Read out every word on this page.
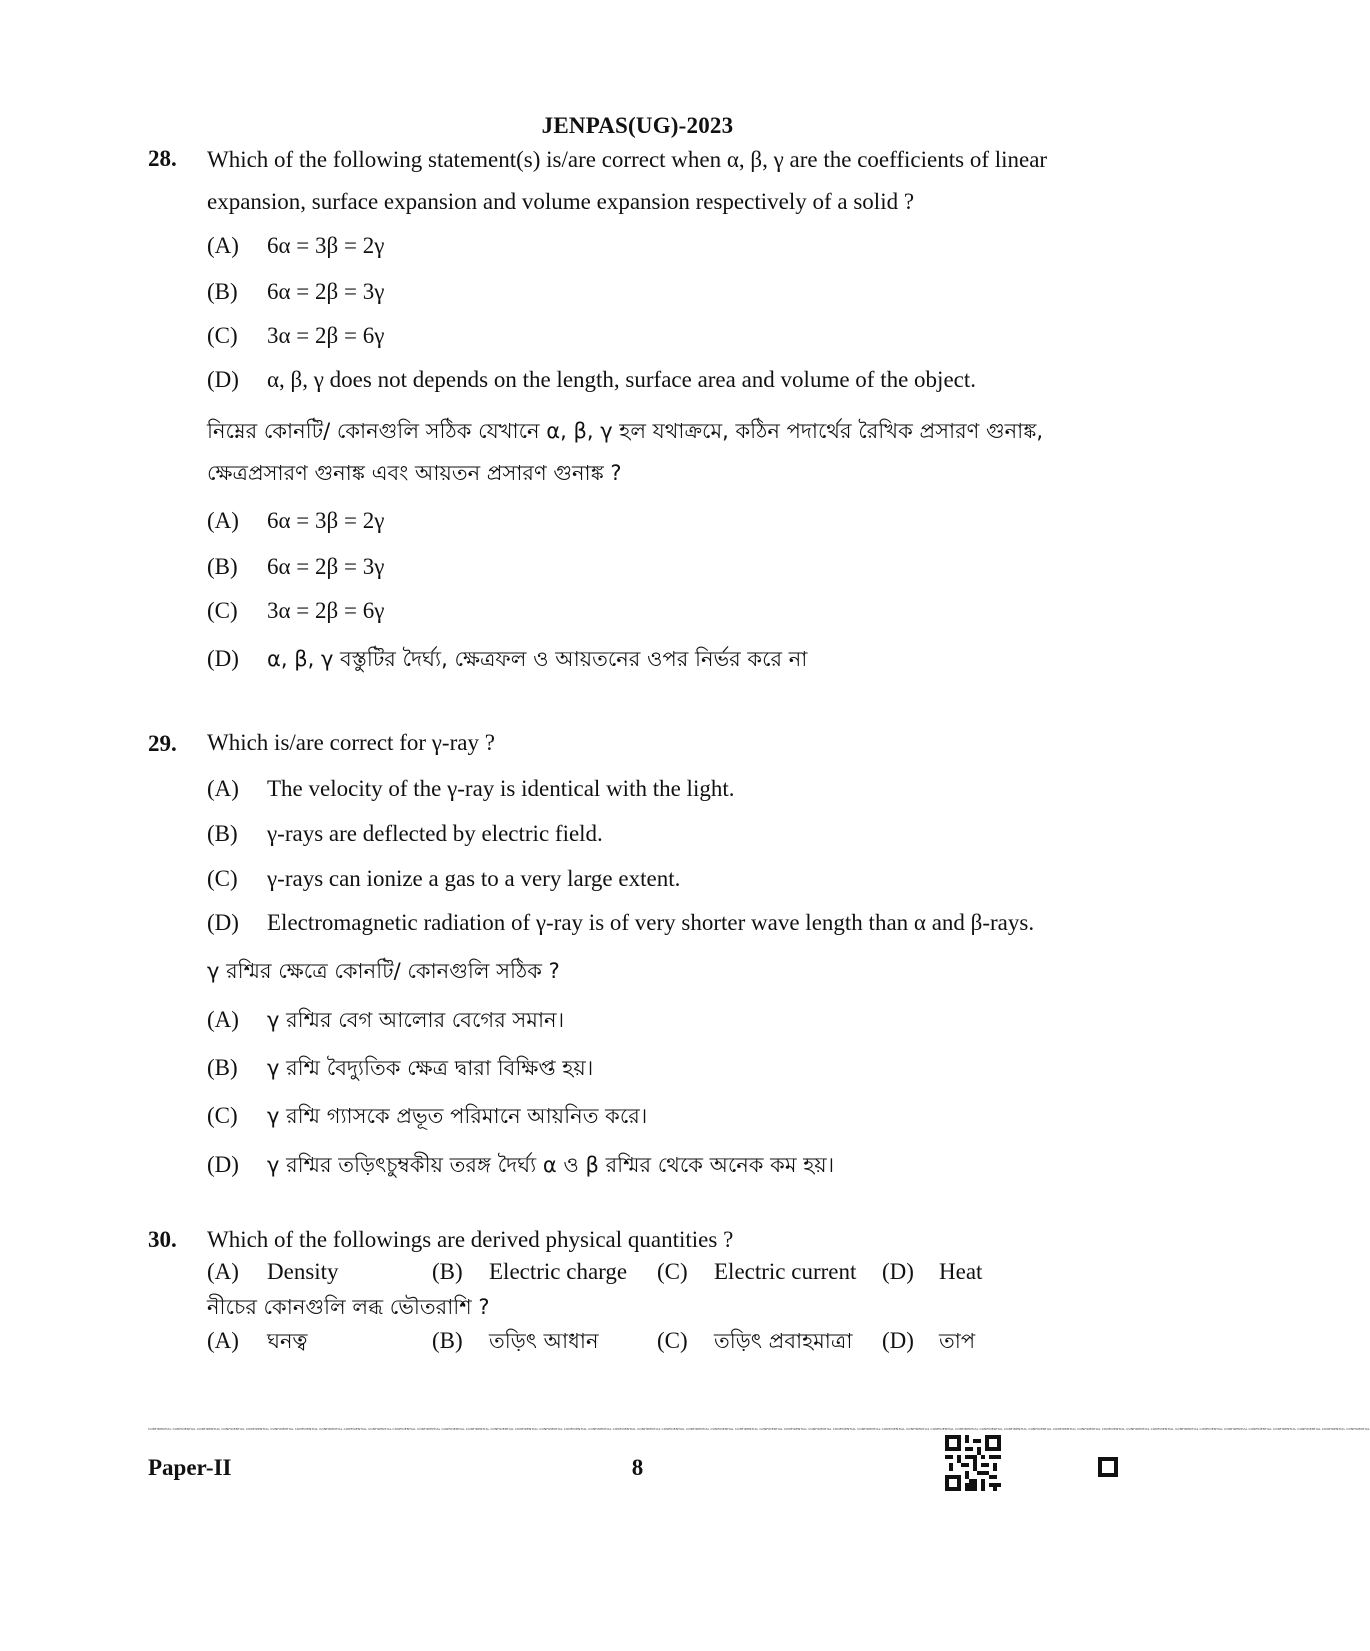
JENPAS(UG)-2023
28. Which of the following statement(s) is/are correct when α, β, γ are the coefficients of linear expansion, surface expansion and volume expansion respectively of a solid ?
(A) 6α = 3β = 2γ
(B) 6α = 2β = 3γ
(C) 3α = 2β = 6γ
(D) α, β, γ does not depends on the length, surface area and volume of the object.
নিম্নের কোনটি/ কোনগুলি সঠিক যেখানে α, β, γ হল যথাক্রমে, কঠিন পদার্থের রৈখিক প্রসারণ গুনাঙ্ক, ক্ষেত্রপ্রসারণ গুনাঙ্ক এবং আয়তন প্রসারণ গুনাঙ্ক ?
(A) 6α = 3β = 2γ
(B) 6α = 2β = 3γ
(C) 3α = 2β = 6γ
(D) α, β, γ বস্তুটির দৈর্ঘ্য, ক্ষেত্রফল ও আয়তনের ওপর নির্ভর করে না
29. Which is/are correct for γ-ray ?
(A) The velocity of the γ-ray is identical with the light.
(B) γ-rays are deflected by electric field.
(C) γ-rays can ionize a gas to a very large extent.
(D) Electromagnetic radiation of γ-ray is of very shorter wave length than α and β-rays.
γ রশ্মির ক্ষেত্রে কোনটি/ কোনগুলি সঠিক ?
(A) γ রশ্মির বেগ আলোর বেগের সমান।
(B) γ রশ্মি বৈদ্যুতিক ক্ষেত্র দ্বারা বিক্ষিপ্ত হয়।
(C) γ রশ্মি গ্যাসকে প্রভূত পরিমানে আয়নিত করে।
(D) γ রশ্মির তড়িৎচুম্বকীয় তরঙ্গ দৈর্ঘ্য α ও β রশ্মির থেকে অনেক কম হয়।
30. Which of the followings are derived physical quantities ?
(A) Density	(B) Electric charge (C) Electric current (D) Heat
নীচের কোনগুলি লব্ধ ভৌতরাশি ?
(A) ঘনত্ব	(B) তড়িৎ আধান	(C) তড়িৎ প্রবাহমাত্রা (D) তাপ
CONFIDENTIAL CONFIDENTIAL CONFIDENTIAL CONFIDENTIAL CONFIDENTIAL CONFIDENTIAL CONFIDENTIAL CONFIDENTIAL CONFIDENTIAL CONFIDENTIAL CONFIDENTIAL CONFIDENTIAL CONFIDENTIAL CONFIDENTIAL CONFIDENTIAL CONFIDENTIAL CONFIDENTIAL CONFIDENTIAL CONFIDENTIAL CONFIDENTIAL CONFIDENTIAL CONFIDENTIAL CONFIDENTIAL CONFIDENTIAL CONFIDENTIAL CONFIDENTIAL CONFIDENTIAL CONFIDENTIAL CONFIDENTIAL CONFIDENTIAL CONFIDENTIAL CONFIDENTIAL CONFIDENTIAL CONFIDENTIAL CONFIDENTIAL CONFIDENTIAL CONFIDENTIAL CONFIDENTIAL CONFIDENTIAL CONFIDENTIAL CONFIDENTIAL CONFIDENTIAL CONFIDENTIAL CONFIDENTIAL CONFIDENTIAL CONFIDENTIAL CONFIDENTIAL CONFIDENTIAL CONFIDENTIAL CONFIDENTIAL
Paper-II	8
